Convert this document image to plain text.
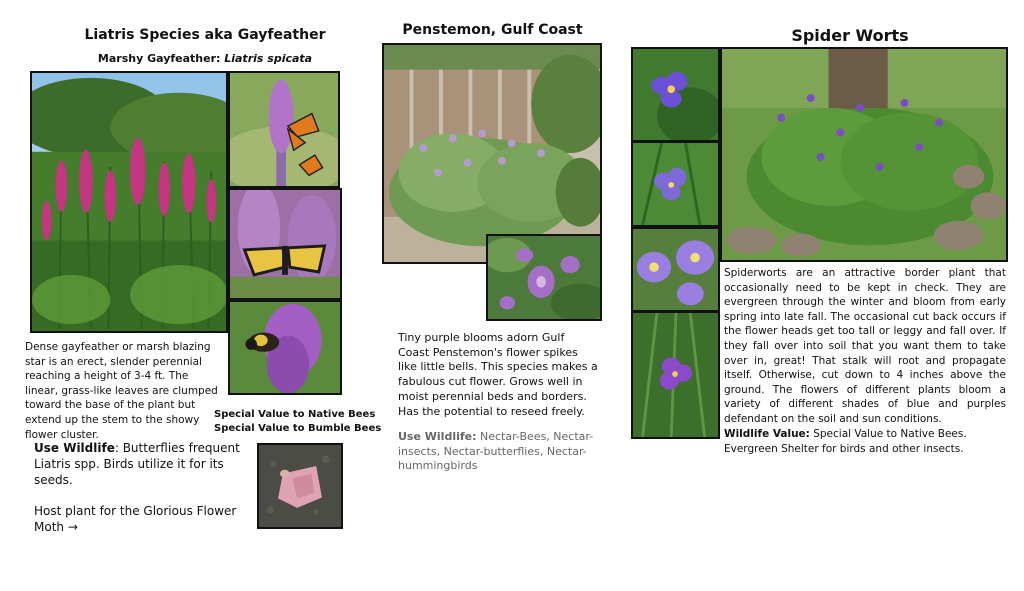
Liatris Species aka Gayfeather
Marshy Gayfeather: Liatris spicata
Dense gayfeather or marsh blazing star is an erect, slender perennial reaching a height of 3-4 ft. The linear, grass-like leaves are clumped toward the base of the plant but extend up the stem to the showy flower cluster.
Special Value to Native Bees
Special Value to Bumble Bees
Use Wildlife: Butterflies frequent Liatris spp. Birds utilize it for its seeds.
Host plant for the Glorious Flower Moth →
Penstemon, Gulf Coast
Tiny purple blooms adorn Gulf Coast Penstemon's flower spikes like little bells. This species makes a fabulous cut flower. Grows well in moist perennial beds and borders. Has the potential to reseed freely.
Use Wildlife: Nectar-Bees, Nectar-insects, Nectar-butterflies, Nectar-hummingbirds
Spider Worts
Spiderworts are an attractive border plant that occasionally need to be kept in check. They are evergreen through the winter and bloom from early spring into late fall. The occasional cut back occurs if the flower heads get too tall or leggy and fall over. If they fall over into soil that you want them to take over in, great! That stalk will root and propagate itself. Otherwise, cut down to 4 inches above the ground. The flowers of different plants bloom a variety of different shades of blue and purples defendant on the soil and sun conditions.
Wildlife Value: Special Value to Native Bees. Evergreen Shelter for birds and other insects.
